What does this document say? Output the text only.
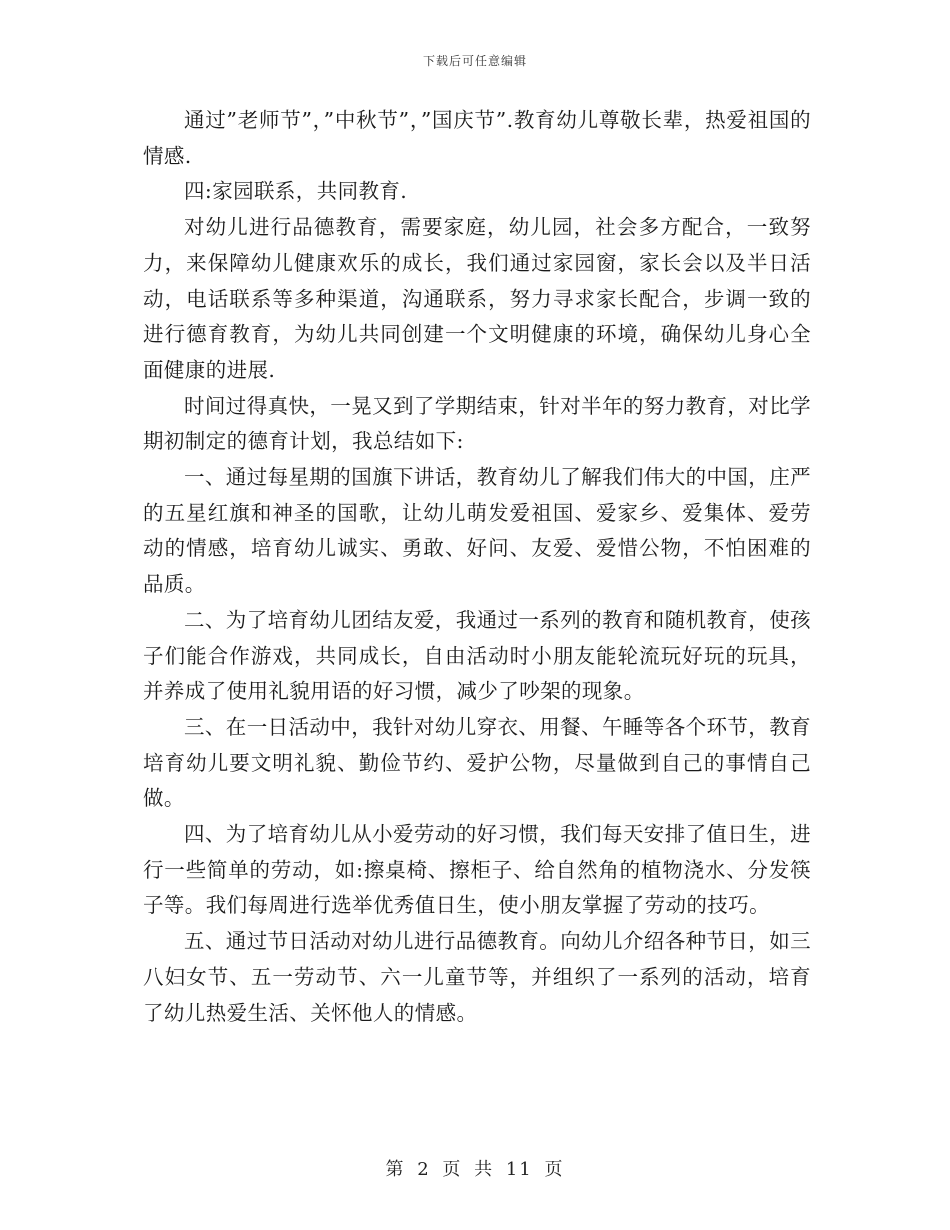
下载后可任意编辑

通过”老师节”，”中秋节”，”国庆节”.教育幼儿尊敬长辈，热爱祖国的情感.

四:家园联系，共同教育.

对幼儿进行品德教育，需要家庭，幼儿园，社会多方配合，一致努力，来保障幼儿健康欢乐的成长，我们通过家园窗，家长会以及半日活动，电话联系等多种渠道，沟通联系，努力寻求家长配合，步调一致的进行德育教育，为幼儿共同创建一个文明健康的环境，确保幼儿身心全面健康的进展.

时间过得真快，一晃又到了学期结束，针对半年的努力教育，对比学期初制定的德育计划，我总结如下:

一、通过每星期的国旗下讲话，教育幼儿了解我们伟大的中国，庄严的五星红旗和神圣的国歌，让幼儿萌发爱祖国、爱家乡、爱集体、爱劳动的情感，培育幼儿诚实、勇敢、好问、友爱、爱惜公物，不怕困难的品质。

二、为了培育幼儿团结友爱，我通过一系列的教育和随机教育，使孩子们能合作游戏，共同成长，自由活动时小朋友能轮流玩好玩的玩具，并养成了使用礼貌用语的好习惯，减少了吵架的现象。

三、在一日活动中，我针对幼儿穿衣、用餐、午睡等各个环节，教育培育幼儿要文明礼貌、勤俭节约、爱护公物，尽量做到自己的事情自己做。

四、为了培育幼儿从小爱劳动的好习惯，我们每天安排了值日生，进行一些简单的劳动，如:擦桌椅、擦柜子、给自然角的植物浇水、分发筷子等。我们每周进行选举优秀值日生，使小朋友掌握了劳动的技巧。

五、通过节日活动对幼儿进行品德教育。向幼儿介绍各种节日，如三八妇女节、五一劳动节、六一儿童节等，并组织了一系列的活动，培育了幼儿热爱生活、关怀他人的情感。

第 2 页 共 11 页
